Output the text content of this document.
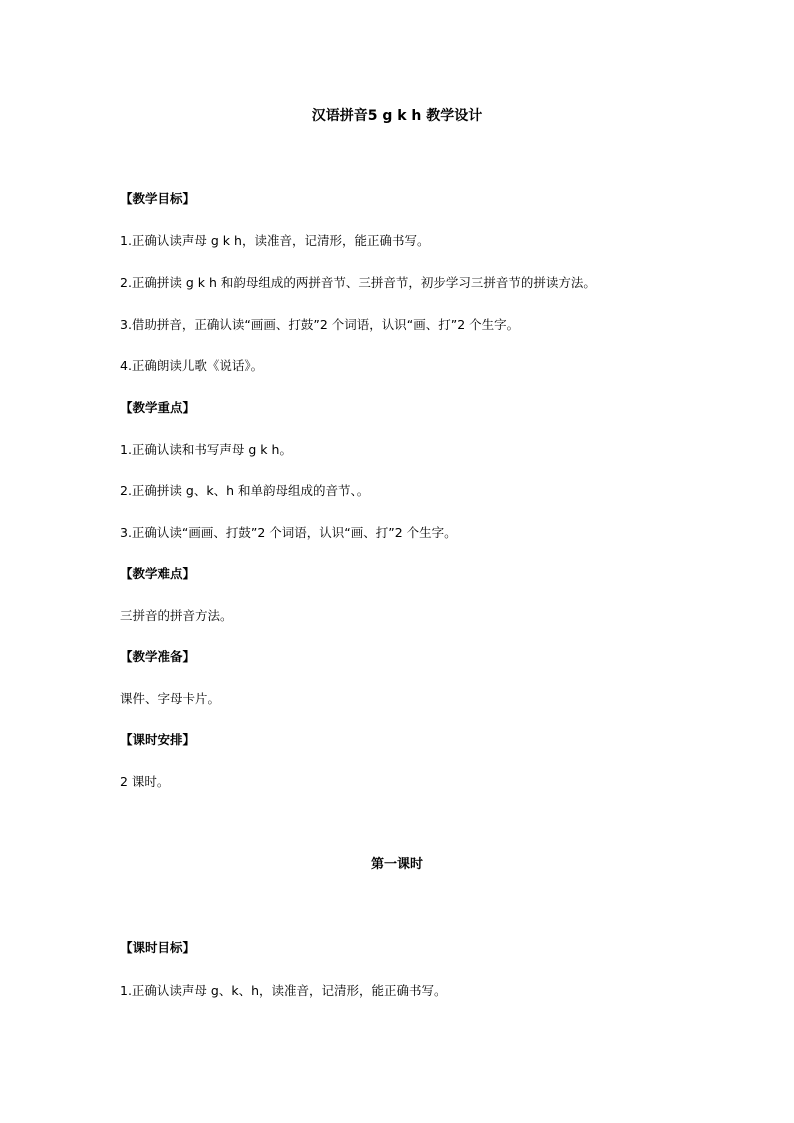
汉语拼音5 g k h 教学设计
【教学目标】
1.正确认读声母 g k h，读准音，记清形，能正确书写。
2.正确拼读 g k h 和韵母组成的两拼音节、三拼音节，初步学习三拼音节的拼读方法。
3.借助拼音，正确认读“画画、打鼓”2 个词语，认识“画、打”2 个生字。
4.正确朗读儿歌《说话》。
【教学重点】
1.正确认读和书写声母 g k h。
2.正确拼读 g、k、h 和单韵母组成的音节、。
3.正确认读“画画、打鼓”2 个词语，认识“画、打”2 个生字。
【教学难点】
三拼音的拼音方法。
【教学准备】
课件、字母卡片。
【课时安排】
2 课时。
第一课时
【课时目标】
1.正确认读声母 g、k、h，读准音，记清形，能正确书写。
